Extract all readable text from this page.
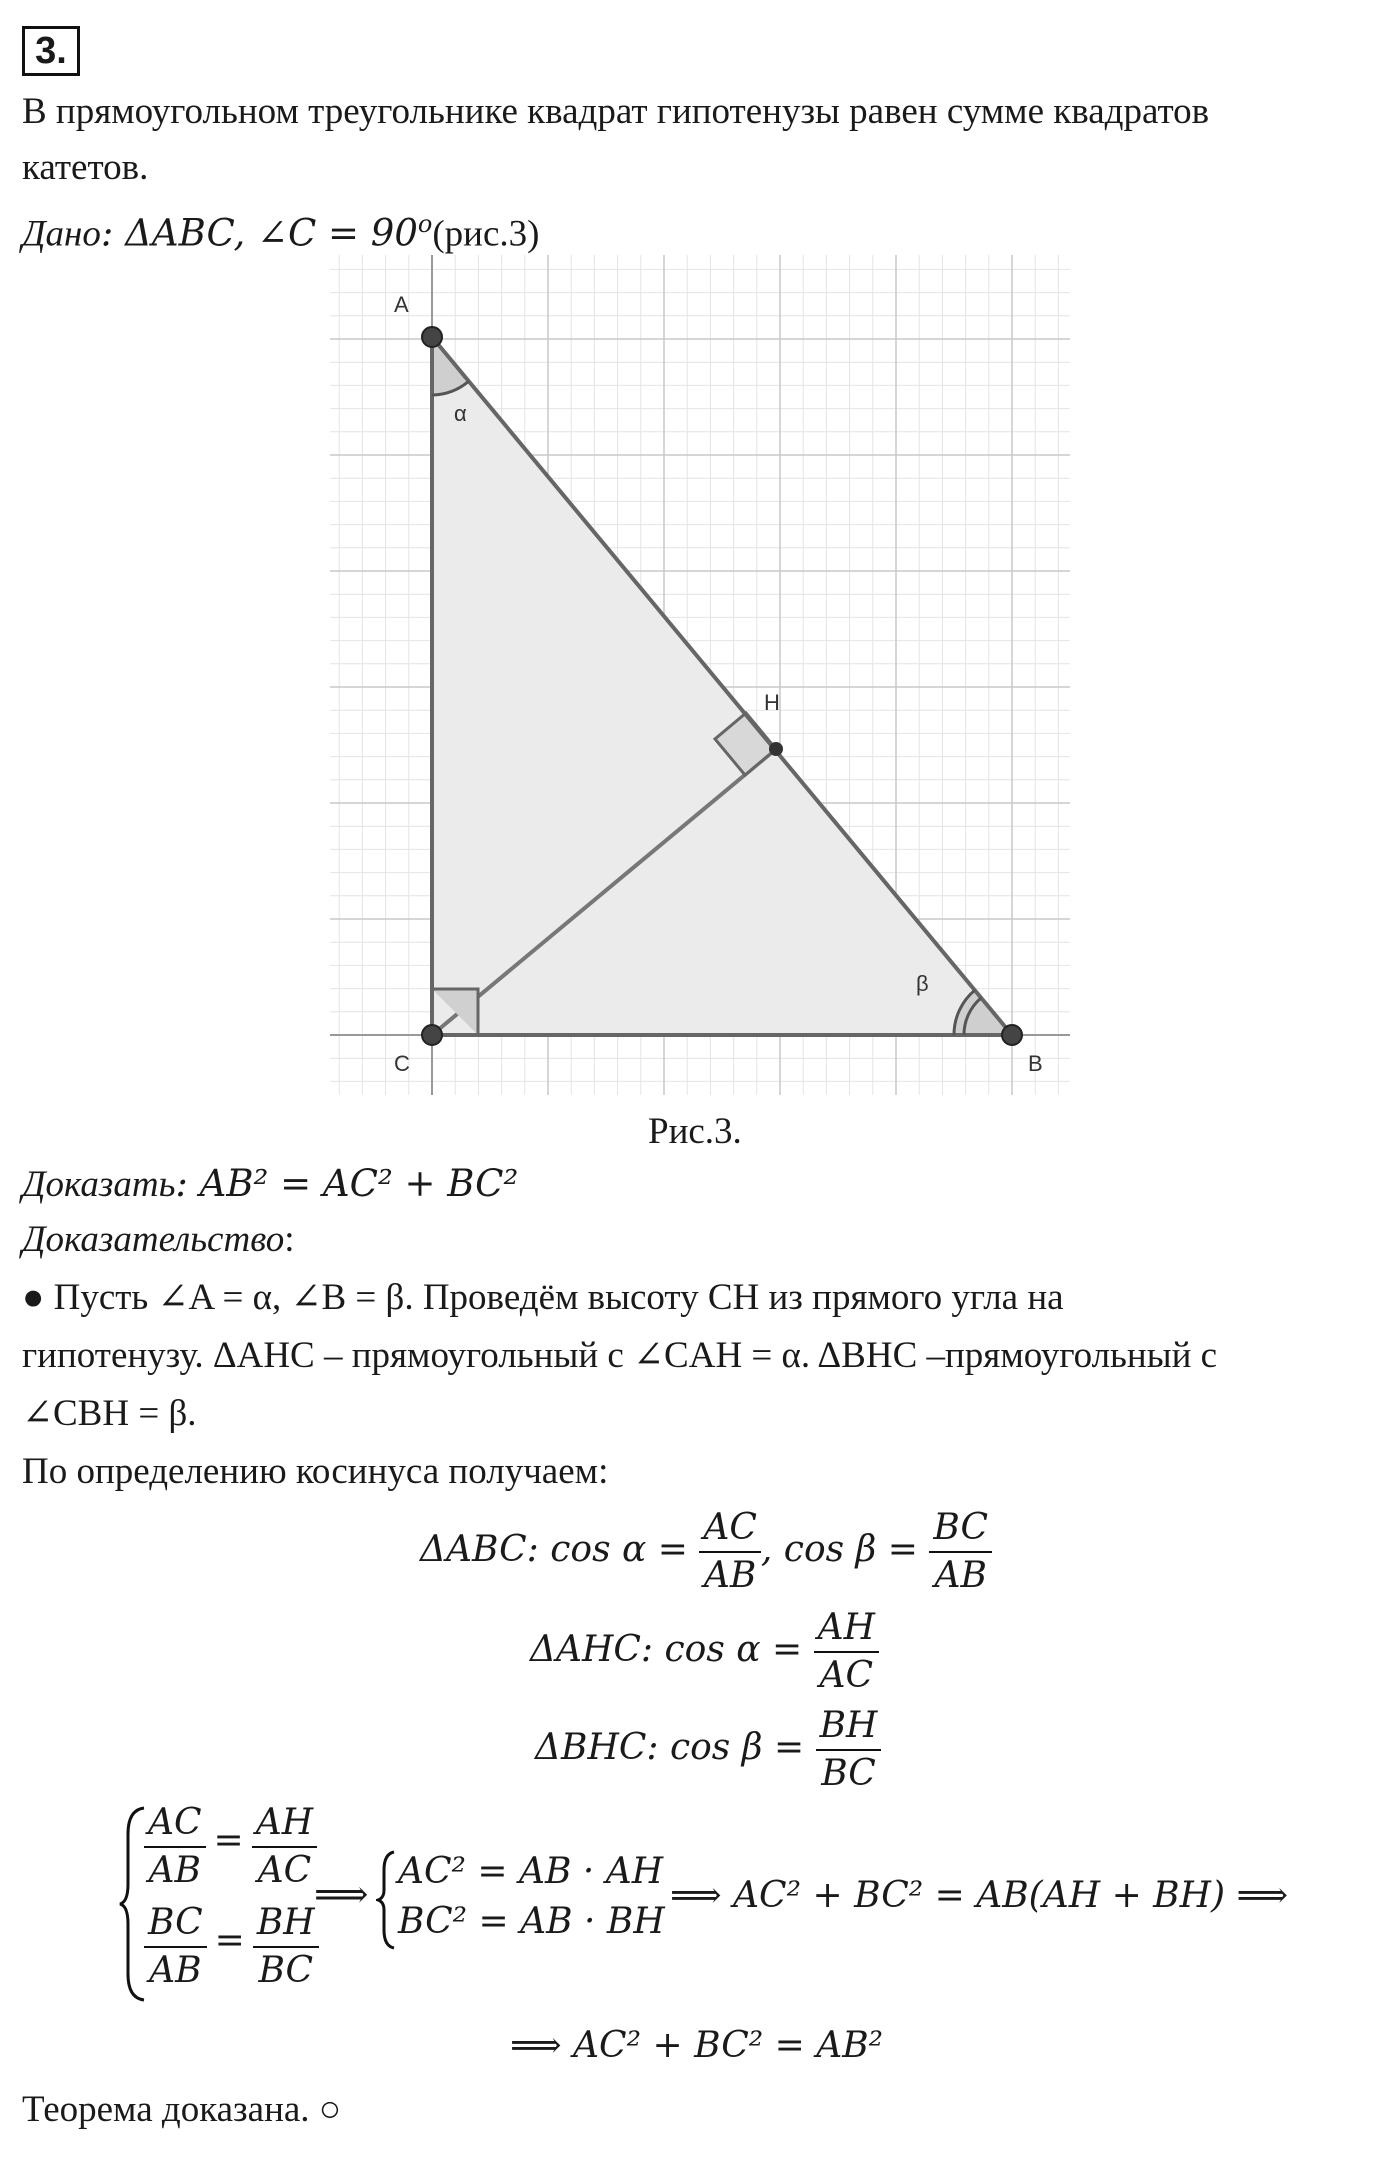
3.
В прямоугольном треугольнике квадрат гипотенузы равен сумме квадратов
катетов.
Дано: ΔABC, ∠C = $90^o(рис.3)$
A
B
C
H
α
β
Рис.3.
Доказать: AB² = AC² + BC²
Доказательство:
● Пусть ∠A = α, ∠B = β. Проведём высоту CH из прямого угла на
гипотенузу. ΔAHC – прямоугольный с ∠CAH = α. ΔBHC –прямоугольный с
∠CBH = β.
По определению косинуса получаем:
ΔABC: $\cos \alpha = \frac{AC}{AB}$ , $\cos \beta = \frac{BC}{AB}$
ΔAHC: $\cos \alpha = \frac{AH}{AC}$
ΔBHC: $\cos \beta = \frac{BH}{BC}$
$\frac{AC}{AB} = \frac{AH}{AC}$
$\frac{BC}{AB} = \frac{BH}{BC}$
⟹
AC² = AB · AH
BC² = AB · BH
⟹ AC² + BC² = AB(AH + BH) ⟹
⟹ AC² + BC² = AB²
Теорема доказана. ○
